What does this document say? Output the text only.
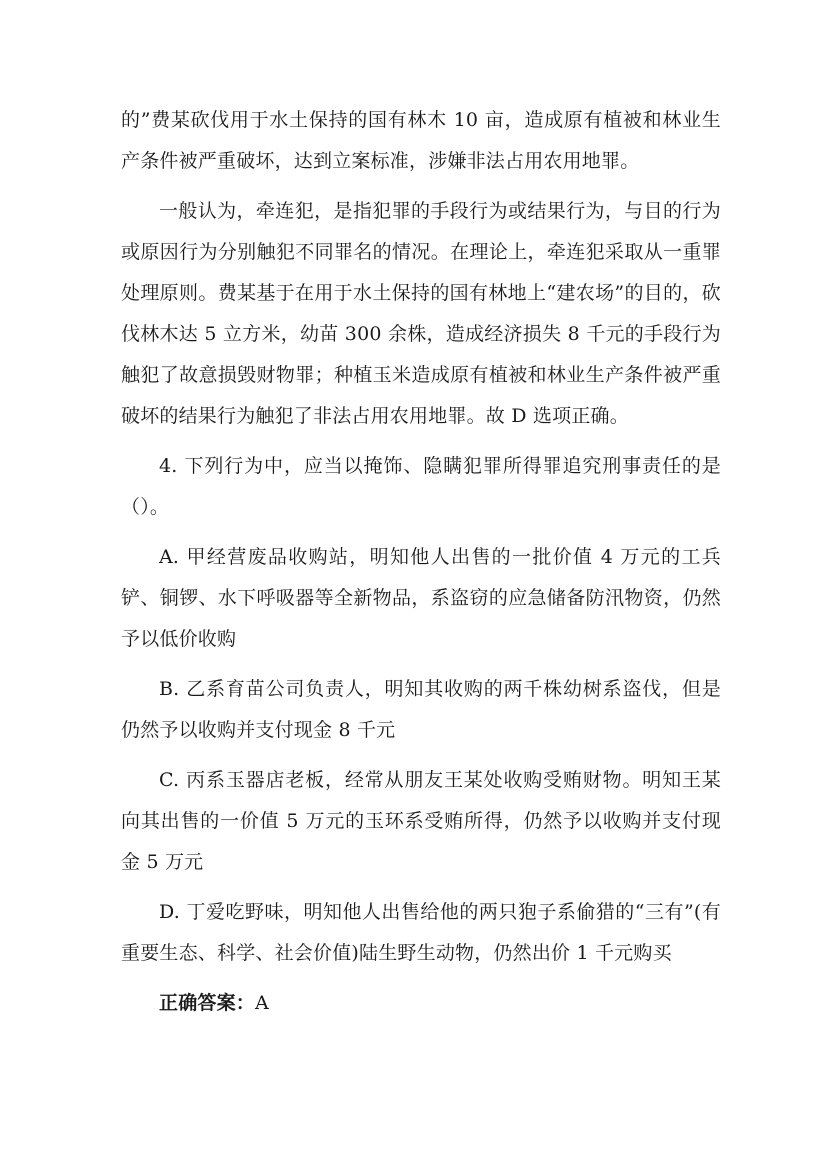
的”费某砍伐用于水土保持的国有林木 10 亩，造成原有植被和林业生产条件被严重破坏，达到立案标准，涉嫌非法占用农用地罪。

一般认为，牵连犯，是指犯罪的手段行为或结果行为，与目的行为或原因行为分别触犯不同罪名的情况。在理论上，牵连犯采取从一重罪处理原则。费某基于在用于水土保持的国有林地上“建农场”的目的，砍伐林木达 5 立方米，幼苗 300 余株，造成经济损失 8 千元的手段行为触犯了故意损毁财物罪；种植玉米造成原有植被和林业生产条件被严重破坏的结果行为触犯了非法占用农用地罪。故 D 选项正确。

4. 下列行为中，应当以掩饰、隐瞒犯罪所得罪追究刑事责任的是（）。

A. 甲经营废品收购站，明知他人出售的一批价值 4 万元的工兵铲、铜锣、水下呼吸器等全新物品，系盗窃的应急储备防汛物资，仍然予以低价收购

B. 乙系育苗公司负责人，明知其收购的两千株幼树系盗伐，但是仍然予以收购并支付现金 8 千元

C. 丙系玉器店老板，经常从朋友王某处收购受贿财物。明知王某向其出售的一价值 5 万元的玉环系受贿所得，仍然予以收购并支付现金 5 万元

D. 丁爱吃野味，明知他人出售给他的两只狍子系偷猎的“三有”(有重要生态、科学、社会价值)陆生野生动物，仍然出价 1 千元购买

正确答案：A
